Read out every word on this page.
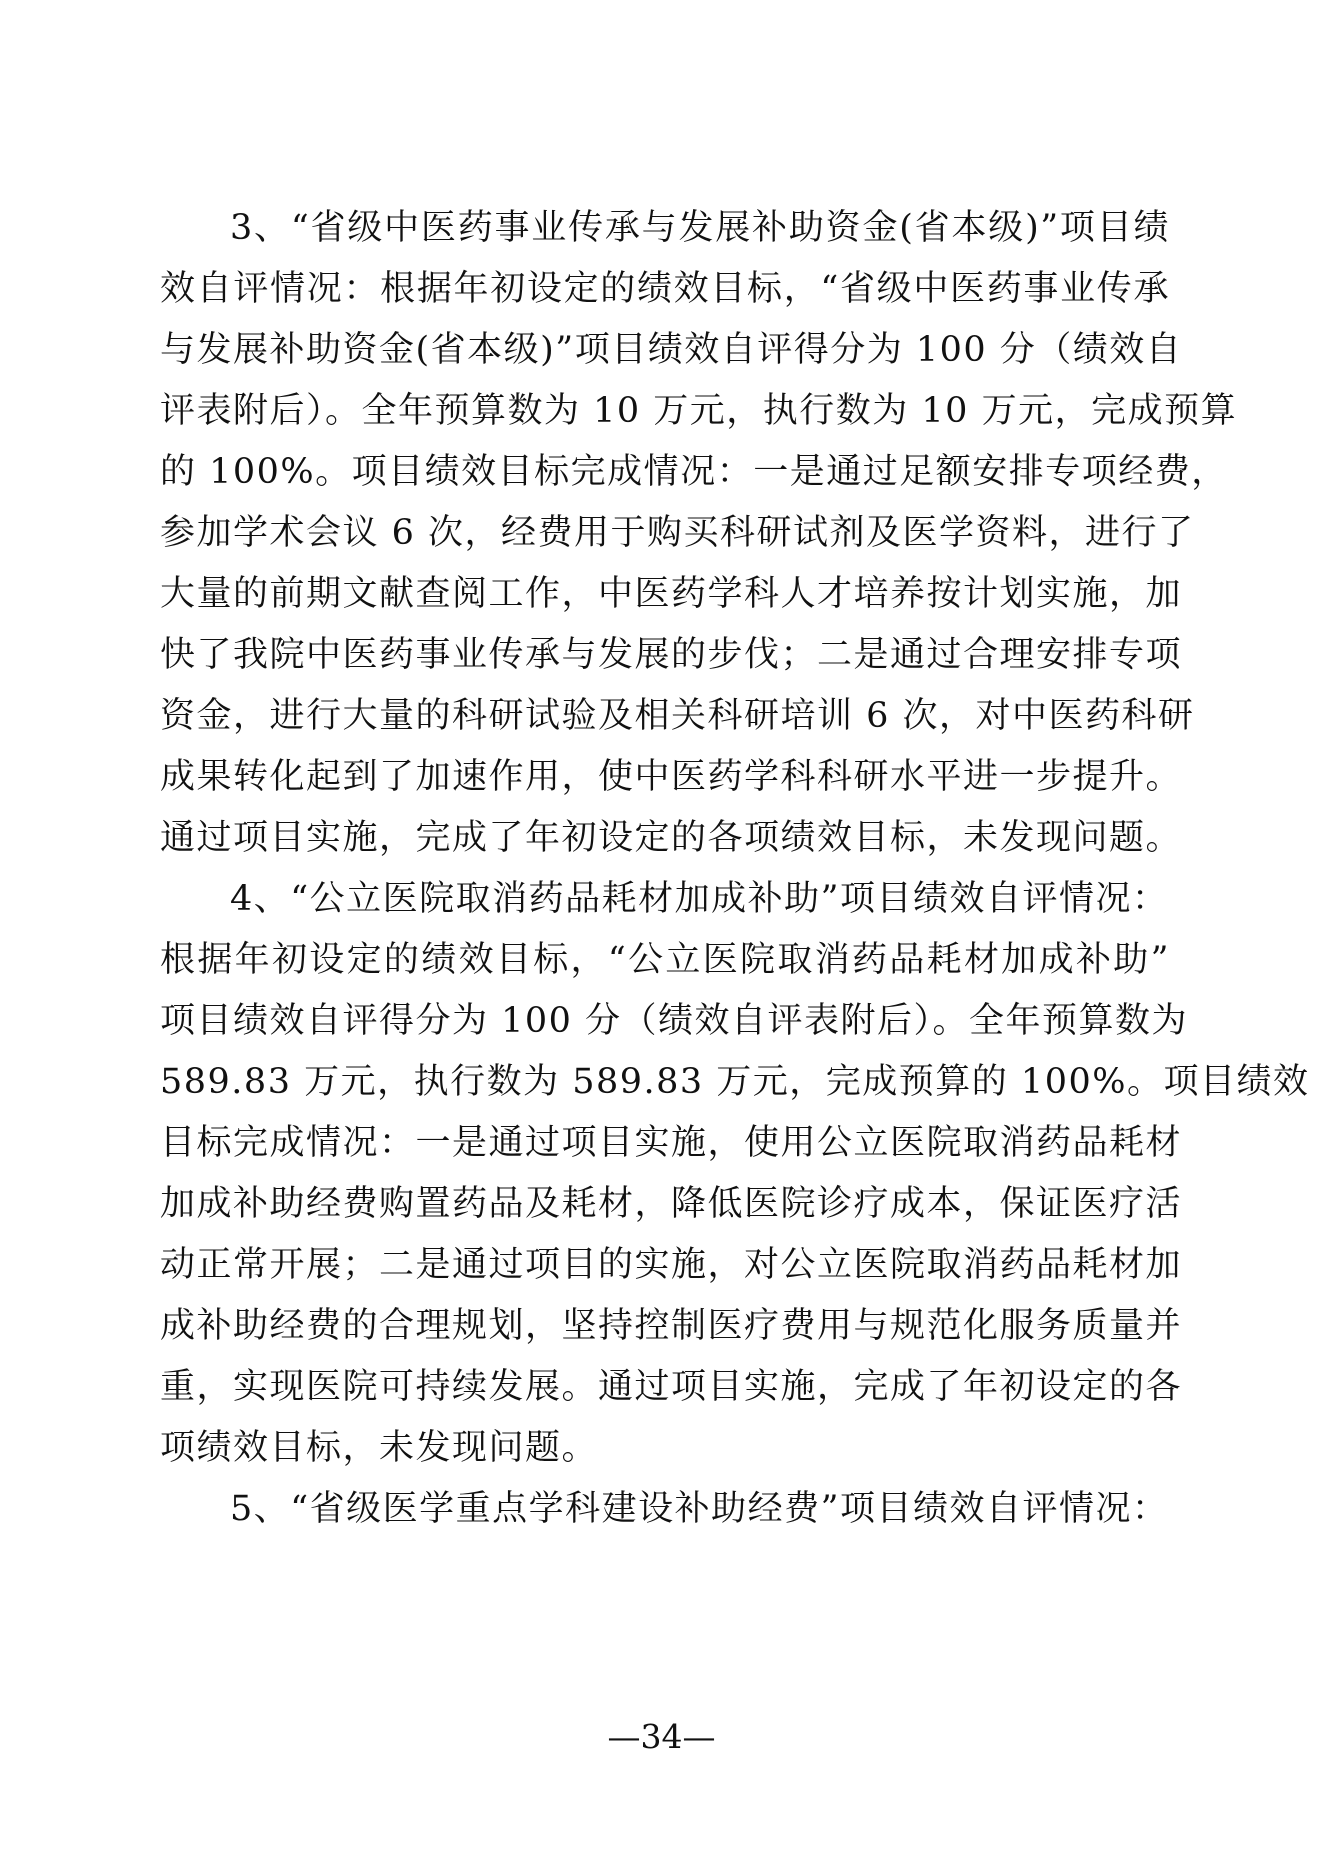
3、“省级中医药事业传承与发展补助资金(省本级)”项目绩
效自评情况：根据年初设定的绩效目标，“省级中医药事业传承
与发展补助资金(省本级)”项目绩效自评得分为 100 分（绩效自
评表附后）。全年预算数为 10 万元，执行数为 10 万元，完成预算
的 100%。项目绩效目标完成情况：一是通过足额安排专项经费，
参加学术会议 6 次，经费用于购买科研试剂及医学资料，进行了
大量的前期文献查阅工作，中医药学科人才培养按计划实施，加
快了我院中医药事业传承与发展的步伐；二是通过合理安排专项
资金，进行大量的科研试验及相关科研培训 6 次，对中医药科研
成果转化起到了加速作用，使中医药学科科研水平进一步提升。
通过项目实施，完成了年初设定的各项绩效目标，未发现问题。
4、“公立医院取消药品耗材加成补助”项目绩效自评情况：
根据年初设定的绩效目标，“公立医院取消药品耗材加成补助”
项目绩效自评得分为 100 分（绩效自评表附后）。全年预算数为
589.83 万元，执行数为 589.83 万元，完成预算的 100%。项目绩效
目标完成情况：一是通过项目实施，使用公立医院取消药品耗材
加成补助经费购置药品及耗材，降低医院诊疗成本，保证医疗活
动正常开展；二是通过项目的实施，对公立医院取消药品耗材加
成补助经费的合理规划，坚持控制医疗费用与规范化服务质量并
重，实现医院可持续发展。通过项目实施，完成了年初设定的各
项绩效目标，未发现问题。
5、“省级医学重点学科建设补助经费”项目绩效自评情况：
—34—
